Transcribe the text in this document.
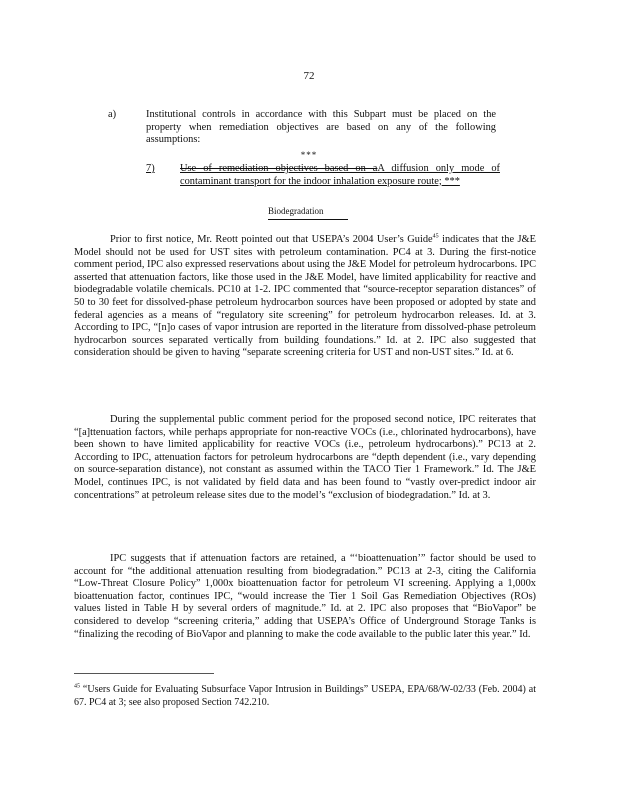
72
a)	Institutional controls in accordance with this Subpart must be placed on the property when remediation objectives are based on any of the following assumptions:
***
7) Use of remediation objectives based on aA diffusion only mode of contaminant transport for the indoor inhalation exposure route; ***
Biodegradation
Prior to first notice, Mr. Reott pointed out that USEPA’s 2004 User’s Guide$^{45}$ indicates that the J&E Model should not be used for UST sites with petroleum contamination. PC4 at 3. During the first-notice comment period, IPC also expressed reservations about using the J&E Model for petroleum hydrocarbons. IPC asserted that attenuation factors, like those used in the J&E Model, have limited applicability for reactive and biodegradable volatile chemicals. PC10 at 1-2. IPC commented that “source-receptor separation distances” of 50 to 30 feet for dissolved-phase petroleum hydrocarbon sources have been proposed or adopted by state and federal agencies as a means of “regulatory site screening” for petroleum hydrocarbon releases. Id. at 3. According to IPC, “[n]o cases of vapor intrusion are reported in the literature from dissolved-phase petroleum hydrocarbon sources separated vertically from building foundations.” Id. at 2. IPC also suggested that consideration should be given to having “separate screening criteria for UST and non-UST sites.” Id. at 6.
During the supplemental public comment period for the proposed second notice, IPC reiterates that “[a]ttenuation factors, while perhaps appropriate for non-reactive VOCs (i.e., chlorinated hydrocarbons), have been shown to have limited applicability for reactive VOCs (i.e., petroleum hydrocarbons).” PC13 at 2. According to IPC, attenuation factors for petroleum hydrocarbons are “depth dependent (i.e., vary depending on source-separation distance), not constant as assumed within the TACO Tier 1 Framework.” Id. The J&E Model, continues IPC, is not validated by field data and has been found to “vastly over-predict indoor air concentrations” at petroleum release sites due to the model’s “exclusion of biodegradation.” Id. at 3.
IPC suggests that if attenuation factors are retained, a “‘bioattenuation’” factor should be used to account for “the additional attenuation resulting from biodegradation.” PC13 at 2-3, citing the California “Low-Threat Closure Policy” 1,000x bioattenuation factor for petroleum VI screening. Applying a 1,000x bioattenuation factor, continues IPC, “would increase the Tier 1 Soil Gas Remediation Objectives (ROs) values listed in Table H by several orders of magnitude.” Id. at 2. IPC also proposes that “BioVapor” be considered to develop “screening criteria,” adding that USEPA’s Office of Underground Storage Tanks is “finalizing the recoding of BioVapor and planning to make the code available to the public later this year.” Id.
$^{45}$ “Users Guide for Evaluating Subsurface Vapor Intrusion in Buildings” USEPA, EPA/68/W-02/33 (Feb. 2004) at 67. PC4 at 3; see also proposed Section 742.210.
